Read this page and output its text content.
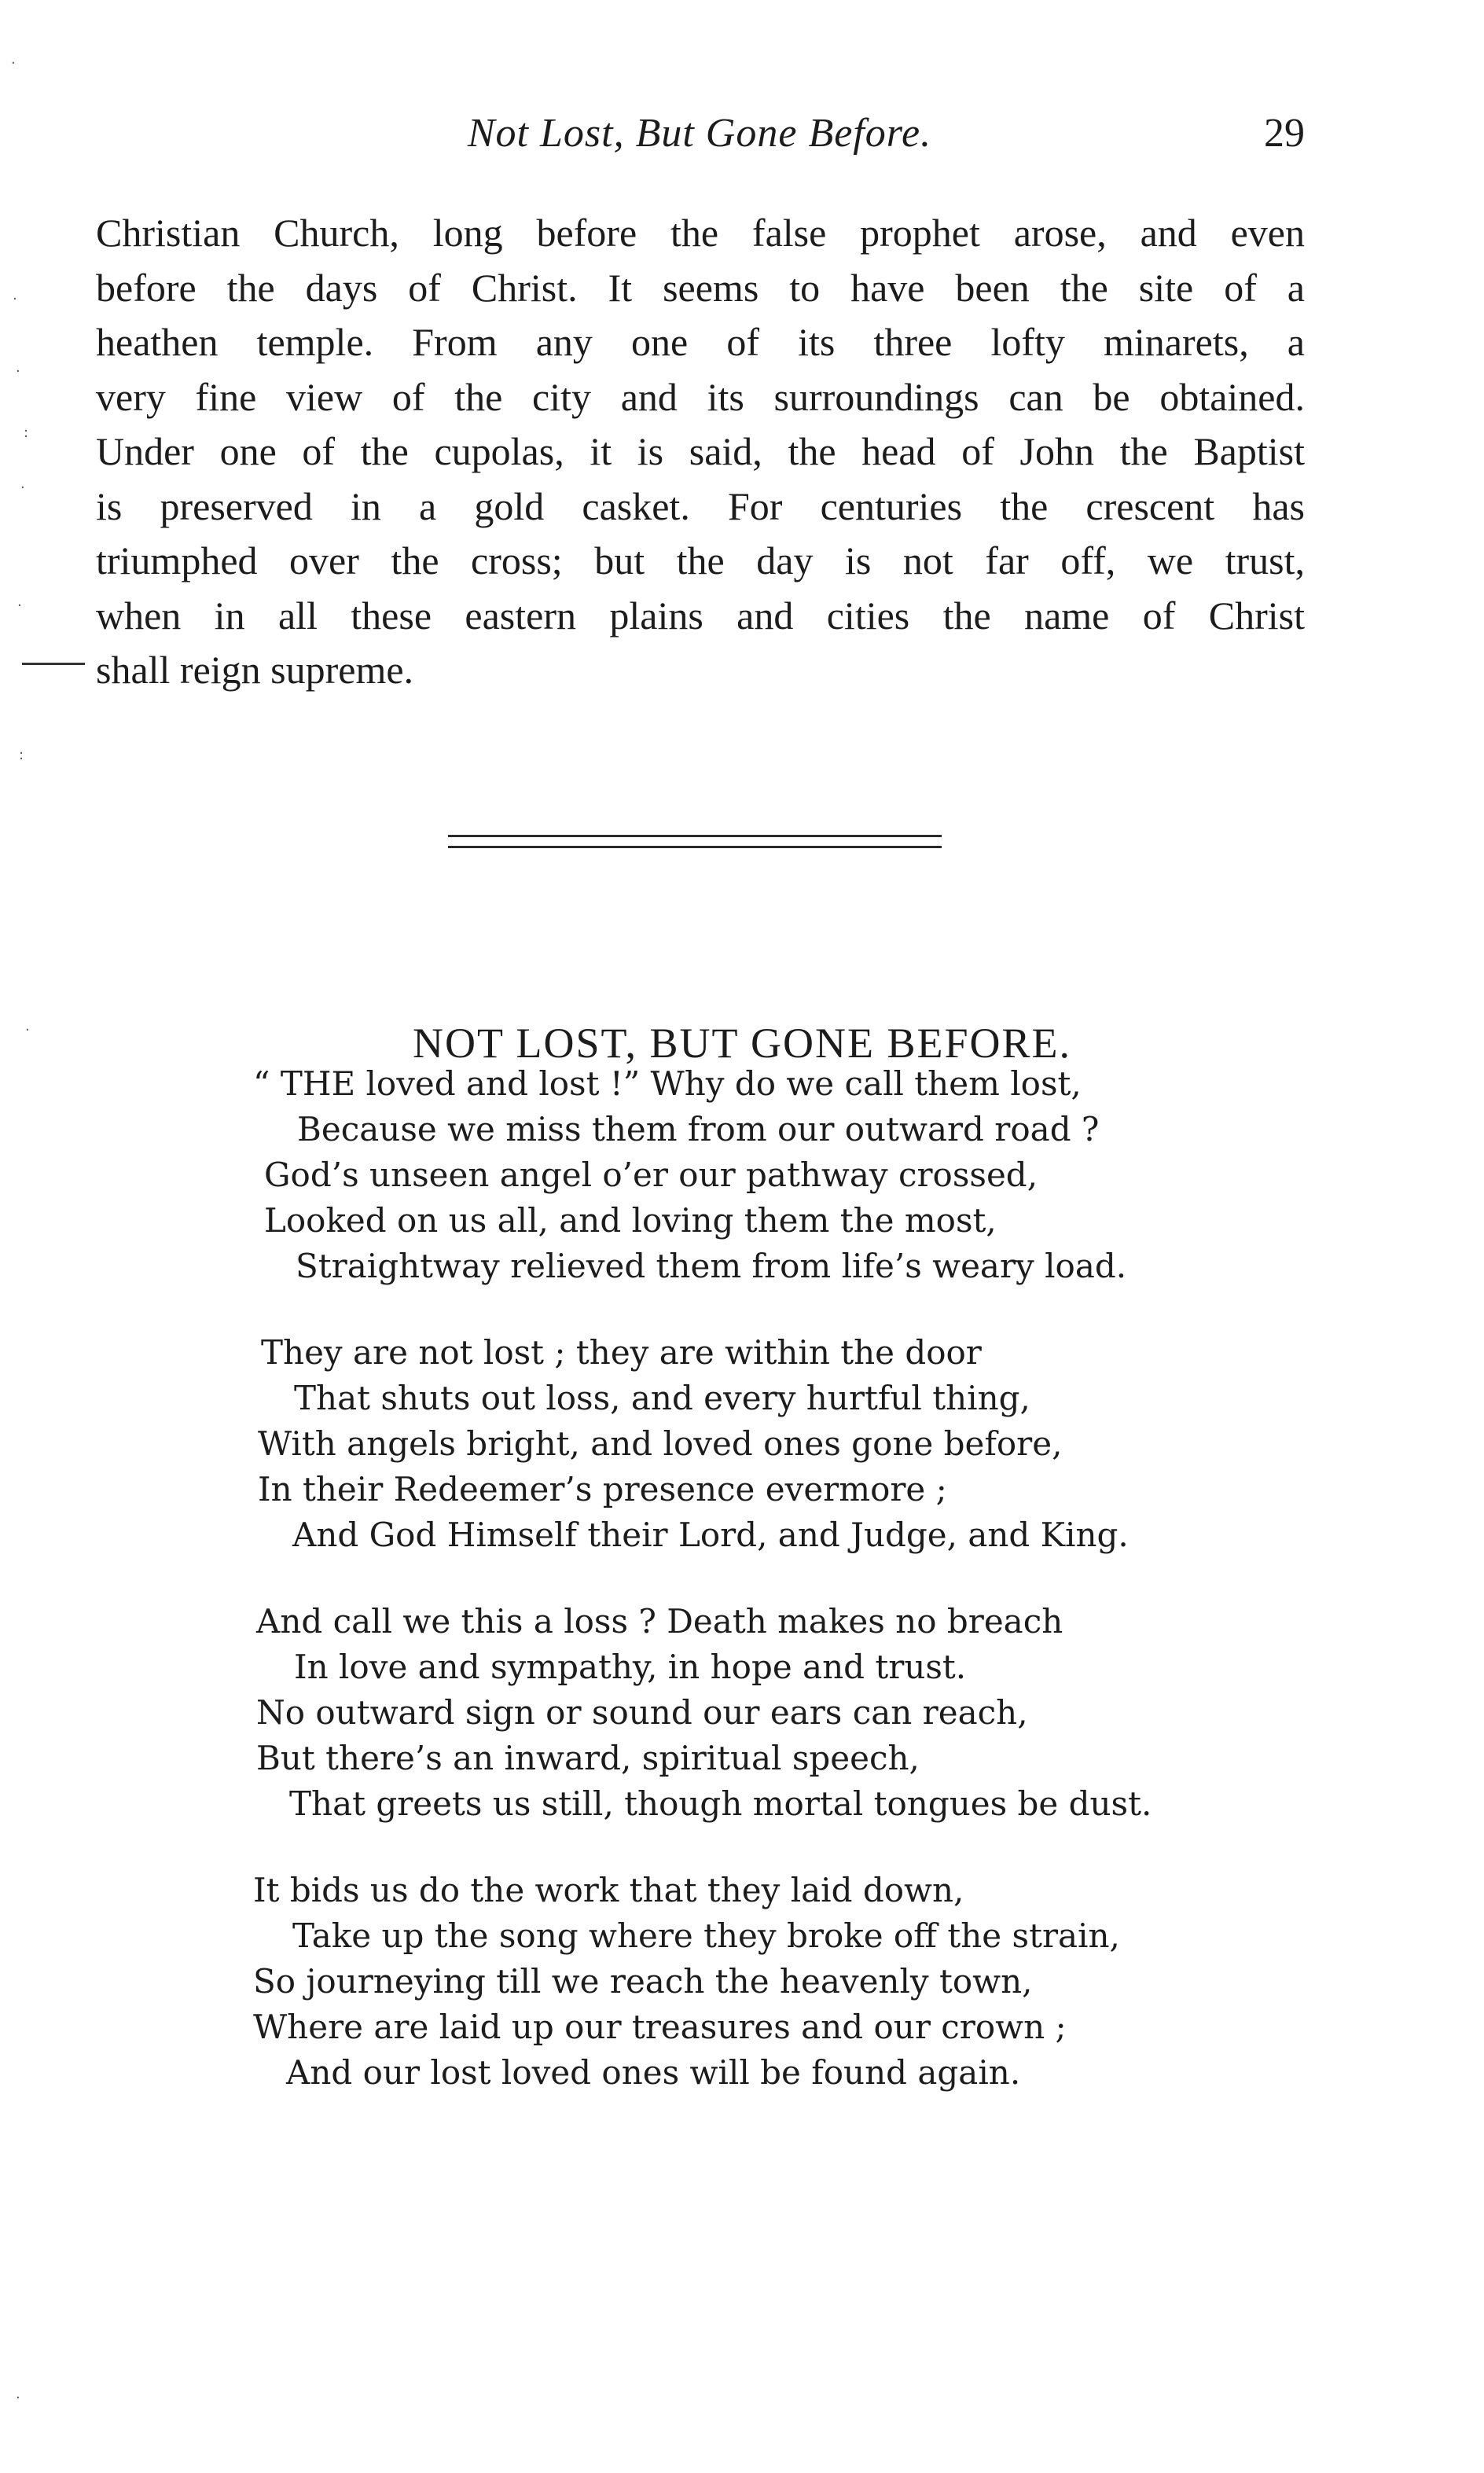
Not Lost, But Gone Before.	29
Christian Church, long before the false prophet arose, and even
before the days of Christ. It seems to have been the site of a
heathen temple. From any one of its three lofty minarets, a
very fine view of the city and its surroundings can be obtained.
Under one of the cupolas, it is said, the head of John the Baptist
is preserved in a gold casket. For centuries the crescent has
triumphed over the cross; but the day is not far off, we trust,
when in all these eastern plains and cities the name of Christ
shall reign supreme.
NOT LOST, BUT GONE BEFORE.
“ THE loved and lost !” Why do we call them lost,
Because we miss them from our outward road ?
God’s unseen angel o’er our pathway crossed,
Looked on us all, and loving them the most,
Straightway relieved them from life’s weary load.
They are not lost ; they are within the door
That shuts out loss, and every hurtful thing,
With angels bright, and loved ones gone before,
In their Redeemer’s presence evermore ;
And God Himself their Lord, and Judge, and King.
And call we this a loss ? Death makes no breach
In love and sympathy, in hope and trust.
No outward sign or sound our ears can reach,
But there’s an inward, spiritual speech,
That greets us still, though mortal tongues be dust.
It bids us do the work that they laid down,
Take up the song where they broke off the strain,
So journeying till we reach the heavenly town,
Where are laid up our treasures and our crown ;
And our lost loved ones will be found again.
·
·
·
:
·
·
:
·
·
